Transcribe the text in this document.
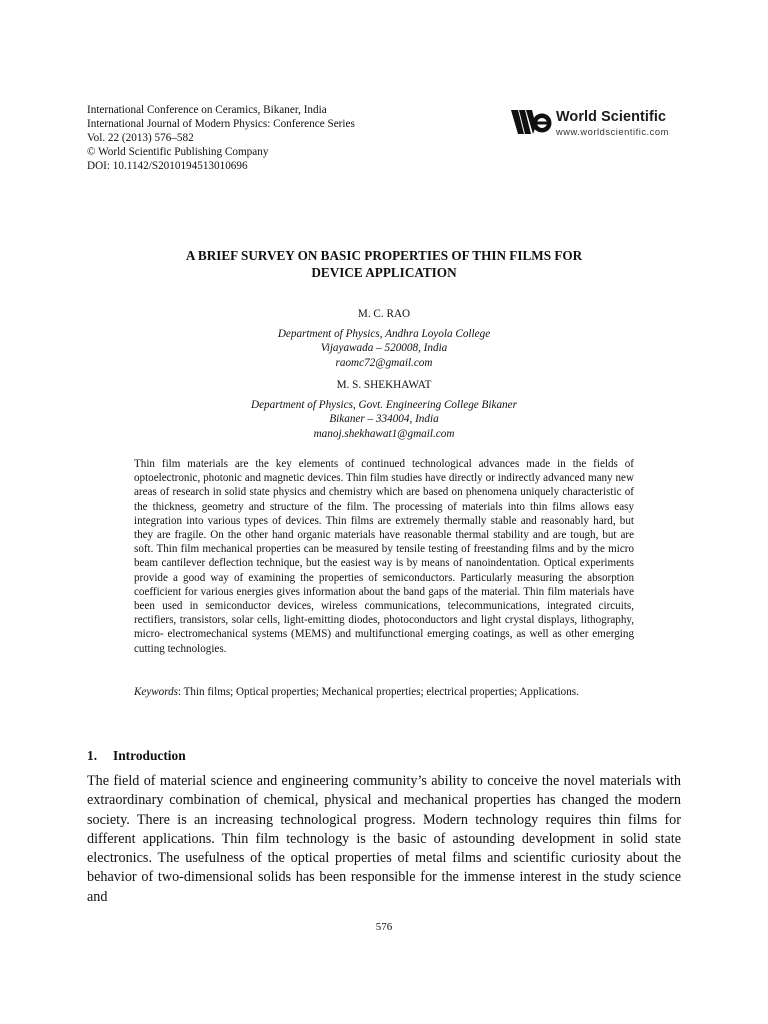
International Conference on Ceramics, Bikaner, India
International Journal of Modern Physics: Conference Series
Vol. 22 (2013) 576–582
© World Scientific Publishing Company
DOI: 10.1142/S2010194513010696
World Scientific
www.worldscientific.com
A BRIEF SURVEY ON BASIC PROPERTIES OF THIN FILMS FOR
DEVICE APPLICATION
M. C. RAO
Department of Physics, Andhra Loyola College
Vijayawada – 520008, India
raomc72@gmail.com
M. S. SHEKHAWAT
Department of Physics, Govt. Engineering College Bikaner
Bikaner – 334004, India
manoj.shekhawat1@gmail.com
Thin film materials are the key elements of continued technological advances made in the fields of optoelectronic, photonic and magnetic devices. Thin film studies have directly or indirectly advanced many new areas of research in solid state physics and chemistry which are based on phenomena uniquely characteristic of the thickness, geometry and structure of the film. The processing of materials into thin films allows easy integration into various types of devices. Thin films are extremely thermally stable and reasonably hard, but they are fragile. On the other hand organic materials have reasonable thermal stability and are tough, but are soft. Thin film mechanical properties can be measured by tensile testing of freestanding films and by the micro beam cantilever deflection technique, but the easiest way is by means of nanoindentation. Optical experiments provide a good way of examining the properties of semiconductors. Particularly measuring the absorption coefficient for various energies gives information about the band gaps of the material. Thin film materials have been used in semiconductor devices, wireless communications, telecommunications, integrated circuits, rectifiers, transistors, solar cells, light-emitting diodes, photoconductors and light crystal displays, lithography, micro- electromechanical systems (MEMS) and multifunctional emerging coatings, as well as other emerging cutting technologies.
Keywords: Thin films; Optical properties; Mechanical properties; electrical properties; Applications.
1. Introduction
The field of material science and engineering community’s ability to conceive the novel materials with extraordinary combination of chemical, physical and mechanical properties has changed the modern society. There is an increasing technological progress. Modern technology requires thin films for different applications. Thin film technology is the basic of astounding development in solid state electronics. The usefulness of the optical properties of metal films and scientific curiosity about the behavior of two-dimensional solids has been responsible for the immense interest in the study science and
576
